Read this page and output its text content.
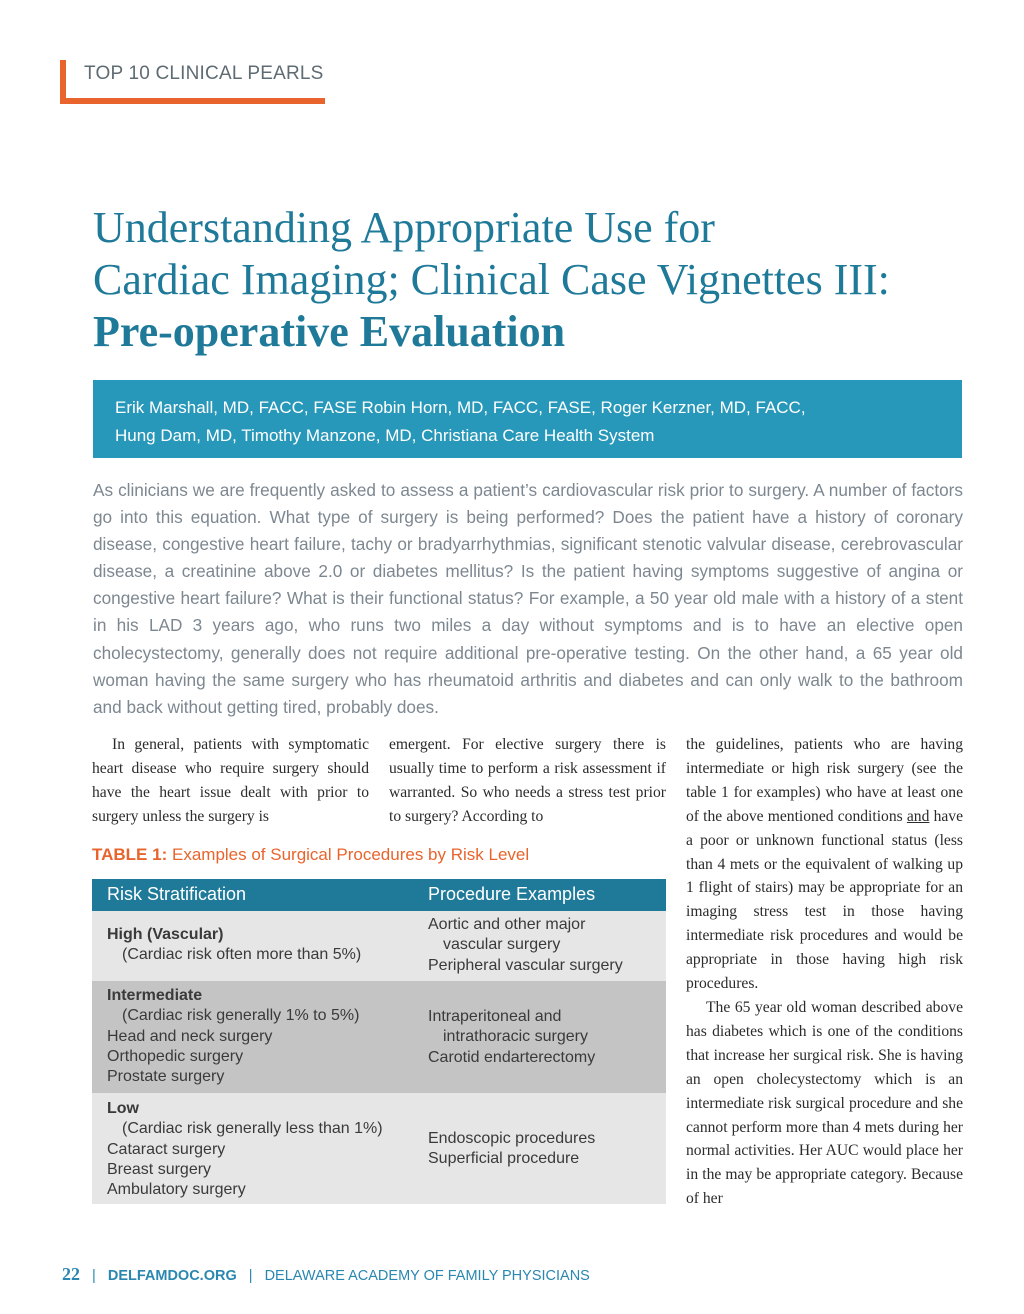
TOP 10 CLINICAL PEARLS
Understanding Appropriate Use for
Cardiac Imaging; Clinical Case Vignettes III:
Pre-operative Evaluation
Erik Marshall, MD, FACC, FASE Robin Horn, MD, FACC, FASE, Roger Kerzner, MD, FACC,
Hung Dam, MD, Timothy Manzone, MD, Christiana Care Health System

As clinicians we are frequently asked to assess a patient’s cardiovascular risk prior to surgery. A number of factors go into this equation. What type of surgery is being performed? Does the patient have a history of coronary disease, congestive heart failure, tachy or bradyarrhythmias, significant stenotic valvular disease, cerebrovascular disease, a creatinine above 2.0 or diabetes mellitus? Is the patient having symptoms suggestive of angina or congestive heart failure? What is their functional status? For example, a 50 year old male with a history of a stent in his LAD 3 years ago, who runs two miles a day without symptoms and is to have an elective open cholecystectomy, generally does not require additional pre-operative testing. On the other hand, a 65 year old woman having the same surgery who has rheumatoid arthritis and diabetes and can only walk to the bathroom and back without getting tired, probably does.

In general, patients with symptomatic heart disease who require surgery should have the heart issue dealt with prior to surgery unless the surgery is

emergent. For elective surgery there is usually time to perform a risk assessment if warranted. So who needs a stress test prior to surgery? According to

the guidelines, patients who are having intermediate or high risk surgery (see the table 1 for examples) who have at least one of the above mentioned conditions and have a poor or unknown functional status (less than 4 mets or the equivalent of walking up 1 flight of stairs) may be appropriate for an imaging stress test in those having intermediate risk procedures and would be appropriate in those having high risk procedures.

The 65 year old woman described above has diabetes which is one of the conditions that increase her surgical risk. She is having an open cholecystectomy which is an intermediate risk surgical procedure and she cannot perform more than 4 mets during her normal activities. Her AUC would place her in the may be appropriate category. Because of her

TABLE 1: Examples of Surgical Procedures by Risk Level
Risk Stratification	Procedure Examples
High (Vascular)
(Cardiac risk often more than 5%)
Aortic and other major
vascular surgery
Peripheral vascular surgery
Intermediate
(Cardiac risk generally 1% to 5%)
Head and neck surgery
Orthopedic surgery
Prostate surgery
Intraperitoneal and
intrathoracic surgery
Carotid endarterectomy
Low
(Cardiac risk generally less than 1%)
Cataract surgery
Breast surgery
Ambulatory surgery
Endoscopic procedures
Superficial procedure
22 | DELFAMDOC.ORG | DELAWARE ACADEMY OF FAMILY PHYSICIANS
